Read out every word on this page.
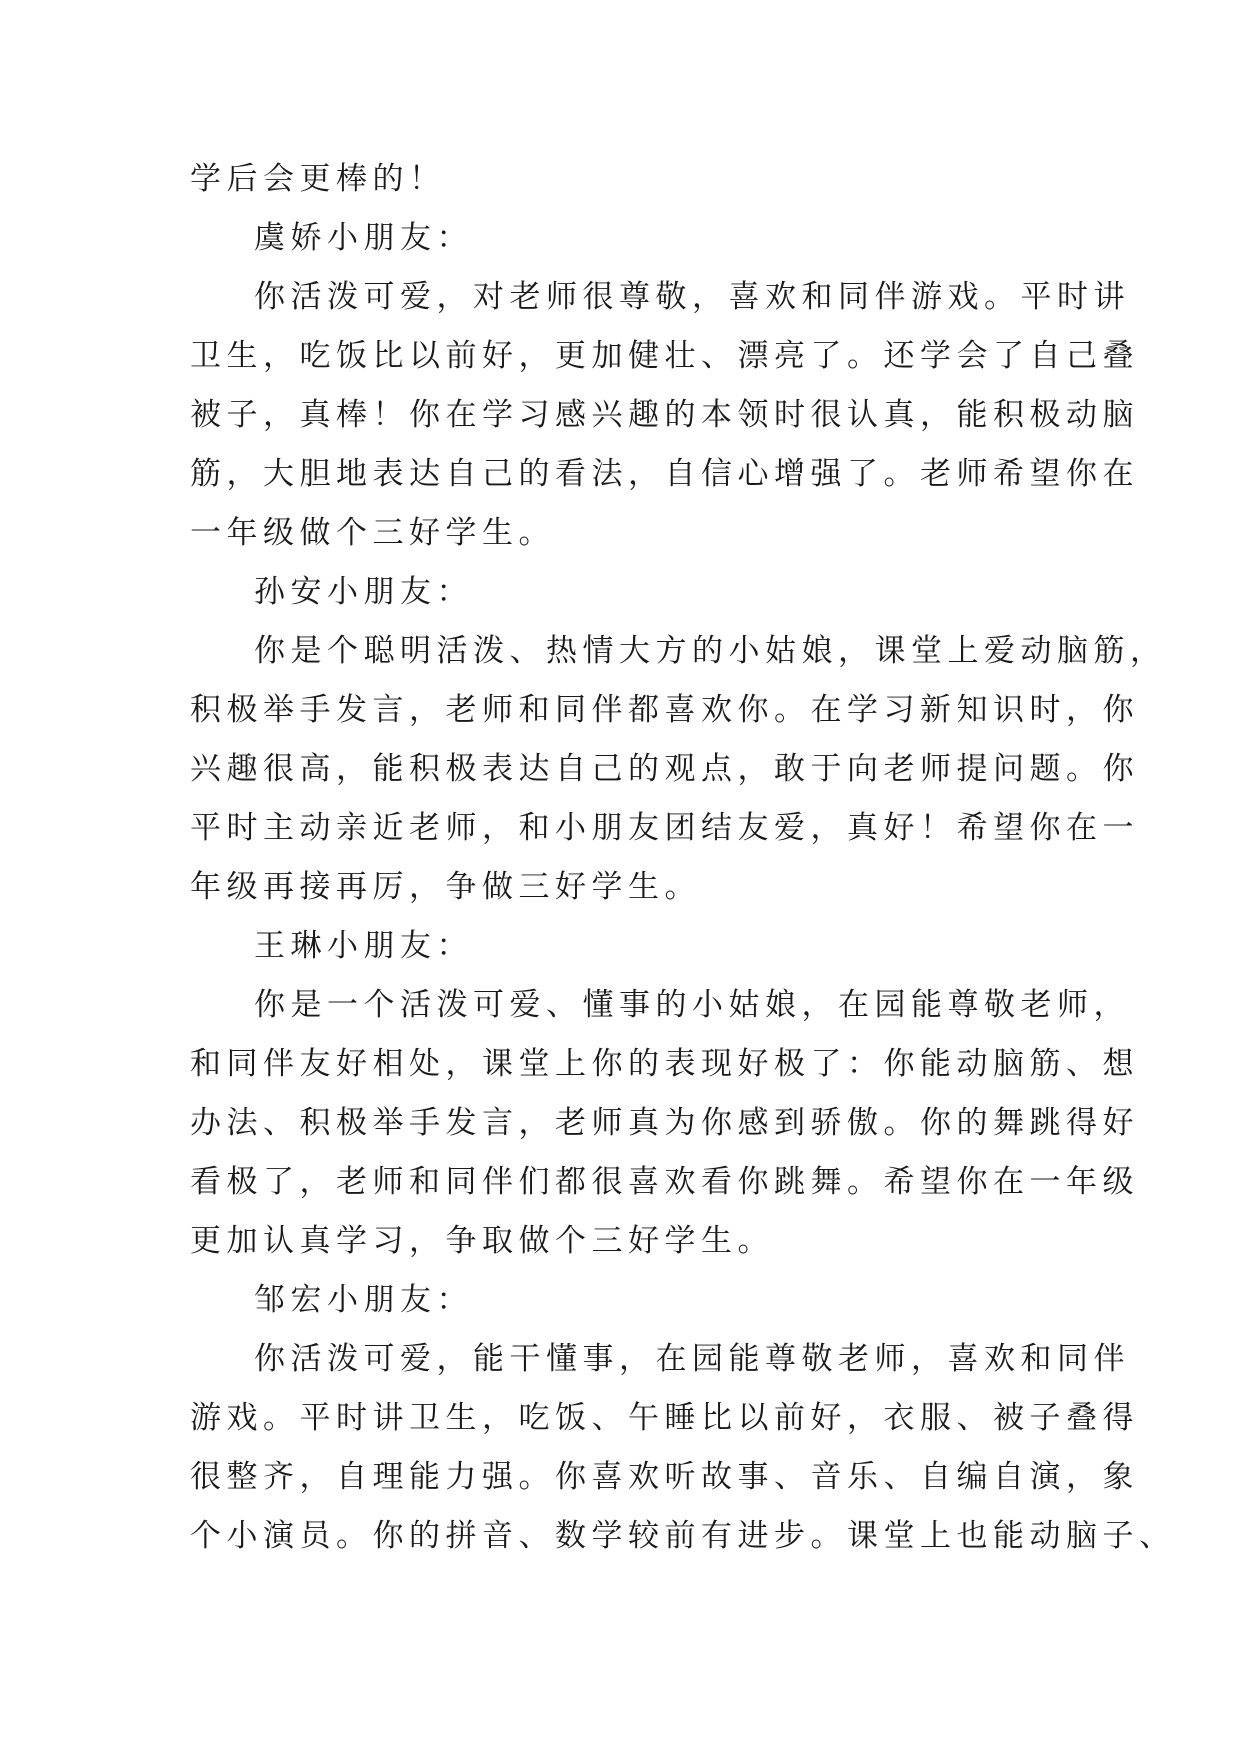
学后会更棒的！
虞娇小朋友：
你活泼可爱，对老师很尊敬，喜欢和同伴游戏。平时讲
卫生，吃饭比以前好，更加健壮、漂亮了。还学会了自己叠
被子，真棒！你在学习感兴趣的本领时很认真，能积极动脑
筋，大胆地表达自己的看法，自信心增强了。老师希望你在
一年级做个三好学生。
孙安小朋友：
你是个聪明活泼、热情大方的小姑娘，课堂上爱动脑筋，
积极举手发言，老师和同伴都喜欢你。在学习新知识时，你
兴趣很高，能积极表达自己的观点，敢于向老师提问题。你
平时主动亲近老师，和小朋友团结友爱，真好！希望你在一
年级再接再厉，争做三好学生。
王琳小朋友：
你是一个活泼可爱、懂事的小姑娘，在园能尊敬老师，
和同伴友好相处，课堂上你的表现好极了：你能动脑筋、想
办法、积极举手发言，老师真为你感到骄傲。你的舞跳得好
看极了，老师和同伴们都很喜欢看你跳舞。希望你在一年级
更加认真学习，争取做个三好学生。
邹宏小朋友：
你活泼可爱，能干懂事，在园能尊敬老师，喜欢和同伴
游戏。平时讲卫生，吃饭、午睡比以前好，衣服、被子叠得
很整齐，自理能力强。你喜欢听故事、音乐、自编自演，象
个小演员。你的拼音、数学较前有进步。课堂上也能动脑子、
